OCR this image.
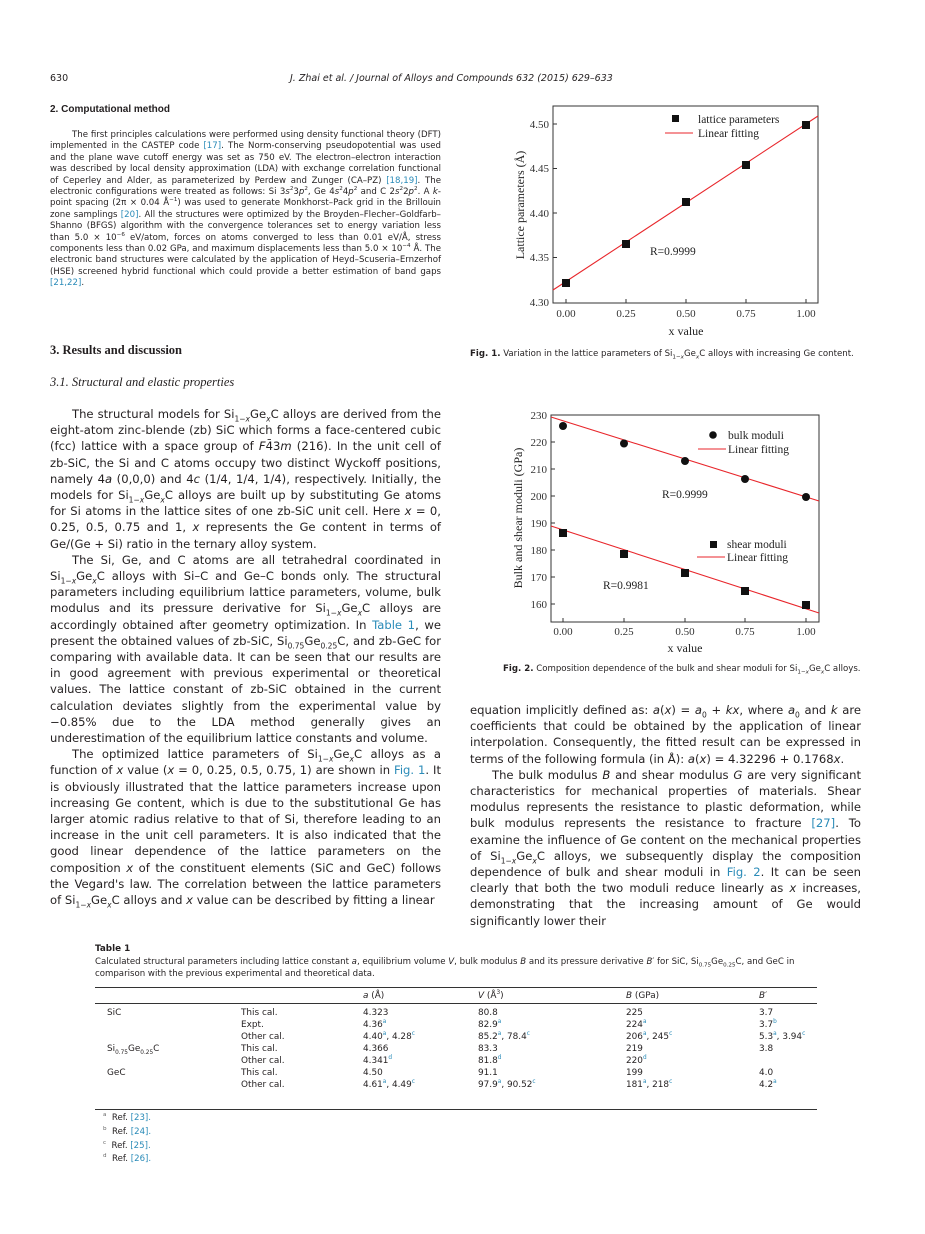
630	J. Zhai et al. / Journal of Alloys and Compounds 632 (2015) 629–633
2. Computational method
The first principles calculations were performed using density functional theory (DFT) implemented in the CASTEP code [17]. The Norm-conserving pseudopotential was used and the plane wave cutoff energy was set as 750 eV. The electron–electron interaction was described by local density approximation (LDA) with exchange correlation functional of Ceperley and Alder, as parameterized by Perdew and Zunger (CA–PZ) [18,19]. The electronic configurations were treated as follows: Si $3s^23p^2$, Ge $4s^24p^2$ and C $2s^22p^2$. A k-point spacing (2π × 0.04 $Å^{-1}$) was used to generate Monkhorst–Pack grid in the Brillouin zone samplings [20]. All the structures were optimized by the Broyden–Flecher–Goldfarb–Shanno (BFGS) algorithm with the convergence tolerances set to energy variation less than $5.0 \times 10^{-6}$ eV/atom, forces on atoms converged to less than 0.01 eV/Å, stress components less than 0.02 GPa, and maximum displacements less than $5.0 \times 10^{-4}$ Å. The electronic band structures were calculated by the application of Heyd–Scuseria–Ernzerhof (HSE) screened hybrid functional which could provide a better estimation of band gaps [21,22].
3. Results and discussion
3.1. Structural and elastic properties
The structural models for $Si_{1-x}Ge_xC$ alloys are derived from the eight-atom zinc-blende (zb) SiC which forms a face-centered cubic (fcc) lattice with a space group of F4̄3m (216). In the unit cell of zb-SiC, the Si and C atoms occupy two distinct Wyckoff positions, namely 4a (0,0,0) and 4c (1/4, 1/4, 1/4), respectively. Initially, the models for $Si_{1-x}Ge_xC$ alloys are built up by substituting Ge atoms for Si atoms in the lattice sites of one zb-SiC unit cell. Here x = 0, 0.25, 0.5, 0.75 and 1, x represents the Ge content in terms of Ge/(Ge + Si) ratio in the ternary alloy system.
The Si, Ge, and C atoms are all tetrahedral coordinated in $Si_{1-x}Ge_xC$ alloys with Si–C and Ge–C bonds only. The structural parameters including equilibrium lattice parameters, volume, bulk modulus and its pressure derivative for $Si_{1-x}Ge_xC$ alloys are accordingly obtained after geometry optimization. In Table 1, we present the obtained values of zb-SiC, $Si_{0.75}Ge_{0.25}C$, and zb-GeC for comparing with available data. It can be seen that our results are in good agreement with previous experimental or theoretical values. The lattice constant of zb-SiC obtained in the current calculation deviates slightly from the experimental value by −0.85% due to the LDA method generally gives an underestimation of the equilibrium lattice constants and volume.
The optimized lattice parameters of $Si_{1-x}Ge_xC$ alloys as a function of x value (x = 0, 0.25, 0.5, 0.75, 1) are shown in Fig. 1. It is obviously illustrated that the lattice parameters increase upon increasing Ge content, which is due to the substitutional Ge has larger atomic radius relative to that of Si, therefore leading to an increase in the unit cell parameters. It is also indicated that the good linear dependence of the lattice parameters on the composition x of the constituent elements (SiC and GeC) follows the Vegard's law. The correlation between the lattice parameters of $Si_{1-x}Ge_xC$ alloys and x value can be described by fitting a linear
equation implicitly defined as: $a(x) = a_0$ + kx, where $a_0$ and k are coefficients that could be obtained by the application of linear interpolation. Consequently, the fitted result can be expressed in terms of the following formula (in Å): a(x) = 4.32296 + 0.1768x.
The bulk modulus B and shear modulus G are very significant characteristics for mechanical properties of materials. Shear modulus represents the resistance to plastic deformation, while bulk modulus represents the resistance to fracture [27]. To examine the influence of Ge content on the mechanical properties of $Si_{1-x}Ge_xC$ alloys, we subsequently display the composition dependence of bulk and shear moduli in Fig. 2. It can be seen clearly that both the two moduli reduce linearly as x increases, demonstrating that the increasing amount of Ge would significantly lower their
4.50
4.45
4.40
4.35
4.30
0.00	0.25	0.50	0.75	1.00
lattice parameters
Linear fitting
R=0.9999
x value
Lattice parameters (Å)
Fig. 1. Variation in the lattice parameters of $Si_{1-x}Ge_xC$ alloys with increasing Ge content.
230
220
210
200
190
180
170
160
0.00	0.25	0.50	0.75	1.00
bulk moduli
Linear fitting
R=0.9999
shear moduli
Linear fitting
R=0.9981
x value
Bulk and shear moduli (GPa)
Fig. 2. Composition dependence of the bulk and shear moduli for $Si_{1-x}Ge_xC$ alloys.
Table 1
Calculated structural parameters including lattice constant a, equilibrium volume V, bulk modulus B and its pressure derivative B′ for SiC, $Si_{0.75}Ge_{0.25}C$, and GeC in comparison with the previous experimental and theoretical data.
		a (Å)	V $(Å^3)$	B (GPa)	B′
SiC	This cal.	4.323	80.8	225	3.7
	Expt.	4.36$^a$	82.9$^a$	224$^a$	3.7$^b$
	Other cal.	4.40$^a$, 4.28$^c$	85.2$^a$, 78.4$^c$	206$^a$, 245$^c$	5.3$^a$, 3.94$^c$
$Si_{0.75}Ge_{0.25}C$	This cal.	4.366	83.3	219	3.8
	Other cal.	4.341$^d$	81.8$^d$	220$^d$	
GeC	This cal.	4.50	91.1	199	4.0
	Other cal.	4.61$^a$, 4.49$^c$	97.9$^a$, 90.52$^c$	181$^a$, 218$^c$	4.2$^a$
$^a$ Ref. [23].
$^b$ Ref. [24].
$^c$ Ref. [25].
$^d$ Ref. [26].
